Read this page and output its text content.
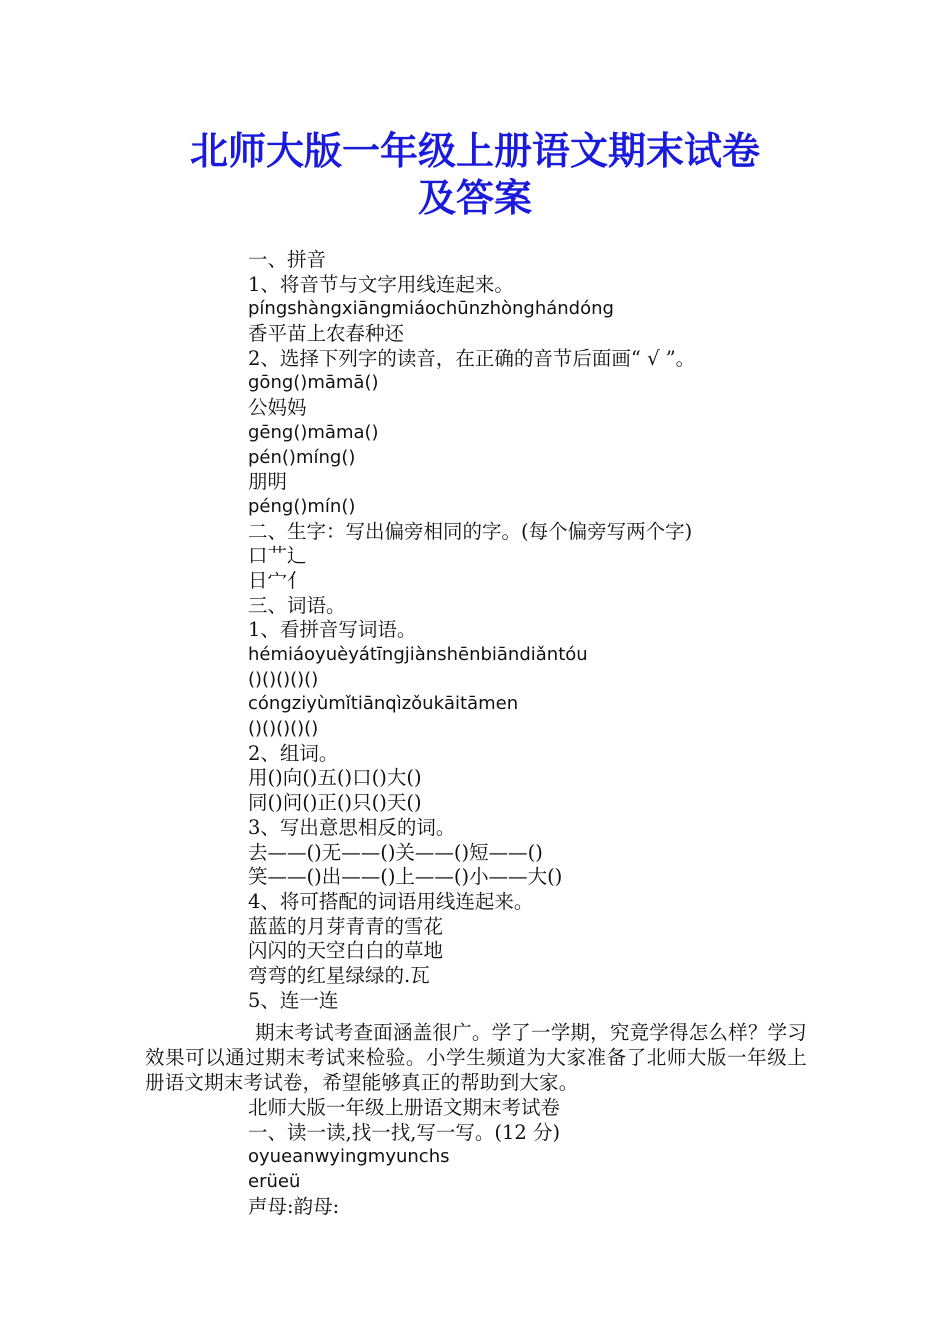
北师大版一年级上册语文期末试卷
及答案
一、拼音
1、将音节与文字用线连起来。
píngshàngxiāngmiáochūnzhònghándóng
香平苗上农春种还
2、选择下列字的读音，在正确的音节后面画“ √ ”。
gōng()māmā()
公妈妈
gēng()māma()
pén()míng()
朋明
péng()mín()
二、生字：写出偏旁相同的字。(每个偏旁写两个字)
口艹辶
日宀亻
三、词语。
1、看拼音写词语。
hémiáoyuèyátīngjiànshēnbiāndiǎntóu
()()()()()
cóngziyùmǐtiānqìzǒukāitāmen
()()()()()
2、组词。
用()向()五()口()大()
同()问()正()只()天()
3、写出意思相反的词。
去——()无——()关——()短——()
笑——()出——()上——()小——大()
4、将可搭配的词语用线连起来。
蓝蓝的月芽青青的雪花
闪闪的天空白白的草地
弯弯的红星绿绿的.瓦
5、连一连
期末考试考查面涵盖很广。学了一学期，究竟学得怎么样？学习效果可以通过期末考试来检验。小学生频道为大家准备了北师大版一年级上册语文期末考试卷，希望能够真正的帮助到大家。
北师大版一年级上册语文期末考试卷
一、读一读,找一找,写一写。(12 分)
oyueanwyingmyunchs
erüeü
声母:韵母:
